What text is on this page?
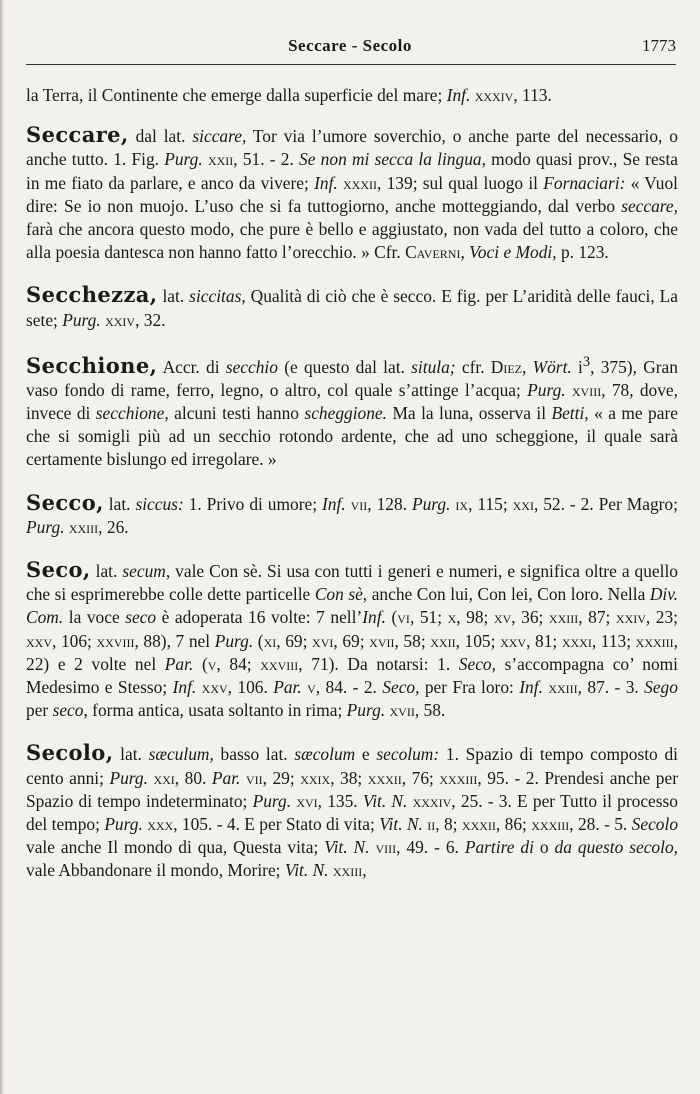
Seccare - Secolo	1773

la Terra, il Continente che emerge dalla superficie del mare; Inf. xxxiv, 113.

Seccare, dal lat. siccare, Tor via l’umore soverchio, o anche parte del necessario, o anche tutto. 1. Fig. Purg. xxii, 51. - 2. Se non mi secca la lingua, modo quasi prov., Se resta in me fiato da parlare, e anco da vivere; Inf. xxxii, 139; sul qual luogo il Fornaciari: « Vuol dire: Se io non muojo. L’uso che si fa tuttogiorno, anche motteggiando, dal verbo seccare, farà che ancora questo modo, che pure è bello e aggiustato, non vada del tutto a coloro, che alla poesia dantesca non hanno fatto l’orecchio. » Cfr. Caverni, Voci e Modi, p. 123.

Secchezza, lat. siccitas, Qualità di ciò che è secco. E fig. per L’aridità delle fauci, La sete; Purg. xxiv, 32.

Secchione, Accr. di secchio (e questo dal lat. situla; cfr. Diez, Wört. $i^3$, 375), Gran vaso fondo di rame, ferro, legno, o altro, col quale s’attinge l’acqua; Purg. xviii, 78, dove, invece di secchione, alcuni testi hanno scheggione. Ma la luna, osserva il Betti, « a me pare che si somigli più ad un secchio rotondo ardente, che ad uno scheggione, il quale sarà certamente bislungo ed irregolare. »

Secco, lat. siccus: 1. Privo di umore; Inf. vii, 128. Purg. ix, 115; xxi, 52. - 2. Per Magro; Purg. xxiii, 26.

Seco, lat. secum, vale Con sè. Si usa con tutti i generi e numeri, e significa oltre a quello che si esprimerebbe colle dette particelle Con sè, anche Con lui, Con lei, Con loro. Nella Div. Com. la voce seco è adoperata 16 volte: 7 nell’Inf. (vi, 51; x, 98; xv, 36; xxiii, 87; xxiv, 23; xxv, 106; xxviii, 88), 7 nel Purg. (xi, 69; xvi, 69; xvii, 58; xxii, 105; xxv, 81; xxxi, 113; xxxiii, 22) e 2 volte nel Par. (v, 84; xxviii, 71). Da notarsi: 1. Seco, s’accompagna co’ nomi Medesimo e Stesso; Inf. xxv, 106. Par. v, 84. - 2. Seco, per Fra loro: Inf. xxiii, 87. - 3. Sego per seco, forma antica, usata soltanto in rima; Purg. xvii, 58.

Secolo, lat. sæculum, basso lat. sæcolum e secolum: 1. Spazio di tempo composto di cento anni; Purg. xxi, 80. Par. vii, 29; xxix, 38; xxxii, 76; xxxiii, 95. - 2. Prendesi anche per Spazio di tempo indeterminato; Purg. xvi, 135. Vit. N. xxxiv, 25. - 3. E per Tutto il processo del tempo; Purg. xxx, 105. - 4. E per Stato di vita; Vit. N. ii, 8; xxxii, 86; xxxiii, 28. - 5. Secolo vale anche Il mondo di qua, Questa vita; Vit. N. viii, 49. - 6. Partire di o da questo secolo, vale Abbandonare il mondo, Morire; Vit. N. xxiii,
